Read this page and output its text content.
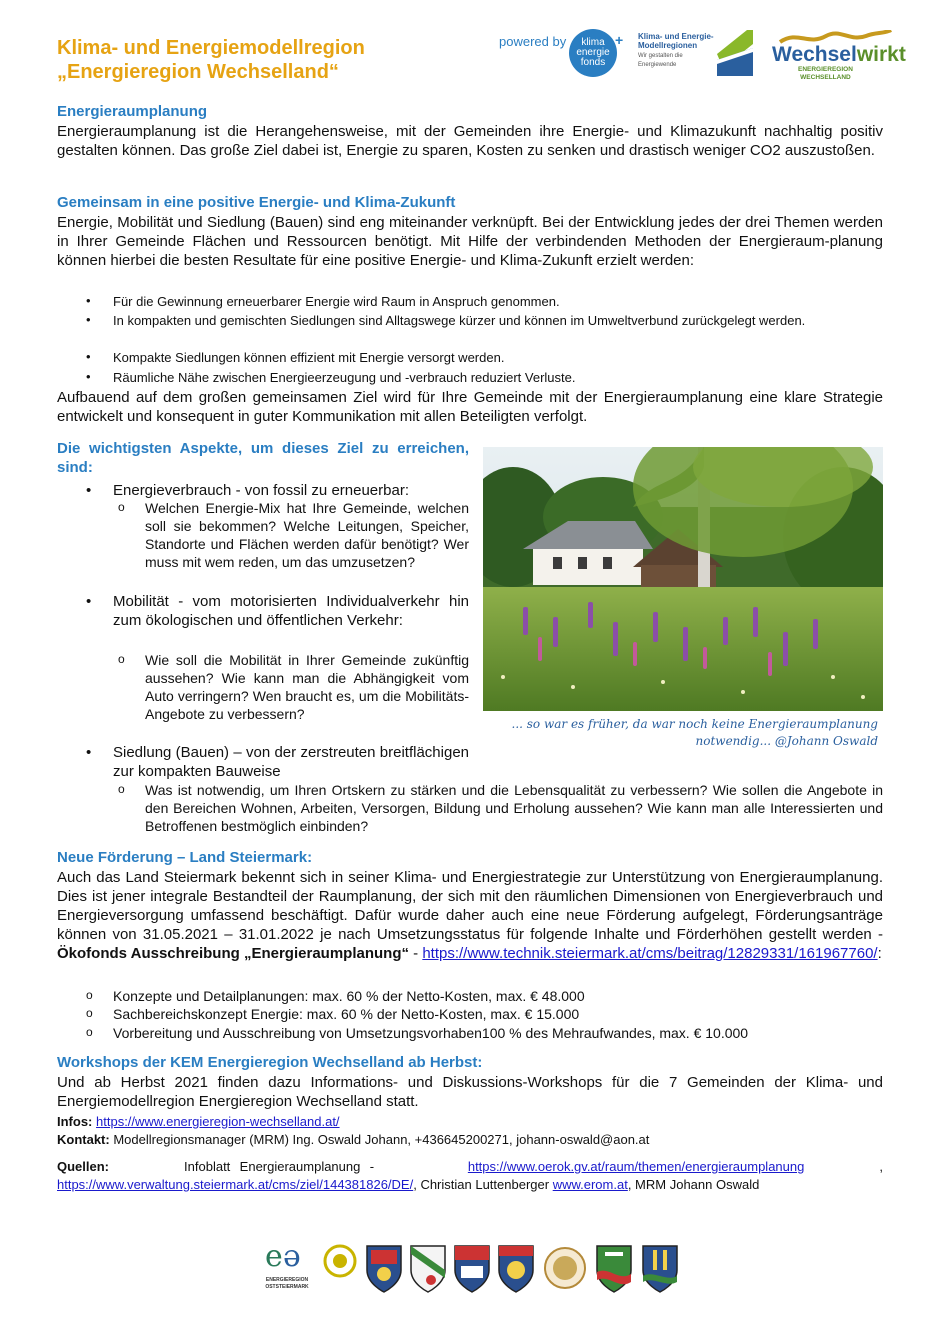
Klima- und Energiemodellregion
„Energieregion Wechselland“
powered by	klima
energie
fonds
+ Klima- und Energie-Modellregionen
Wir gestalten die Energiewende	Wechselwirkt
ENERGIEREGION
WECHSELLAND
Energieraumplanung
Energieraumplanung ist die Herangehensweise, mit der Gemeinden ihre Energie- und Klimazukunft nachhaltig positiv gestalten können. Das große Ziel dabei ist, Energie zu sparen, Kosten zu senken und drastisch weniger CO2 auszustoßen.
Gemeinsam in eine positive Energie- und Klima-Zukunft
Energie, Mobilität und Siedlung (Bauen) sind eng miteinander verknüpft. Bei der Entwicklung jedes der drei Themen werden in Ihrer Gemeinde Flächen und Ressourcen benötigt. Mit Hilfe der verbindenden Methoden der Energieraum-planung können hierbei die besten Resultate für eine positive Energie- und Klima-Zukunft erzielt werden:
• Für die Gewinnung erneuerbarer Energie wird Raum in Anspruch genommen.
• In kompakten und gemischten Siedlungen sind Alltagswege kürzer und können im Umweltverbund zurückgelegt werden.
• Kompakte Siedlungen können effizient mit Energie versorgt werden.
• Räumliche Nähe zwischen Energieerzeugung und -verbrauch reduziert Verluste.
Aufbauend auf dem großen gemeinsamen Ziel wird für Ihre Gemeinde mit der Energieraumplanung eine klare Strategie entwickelt und konsequent in guter Kommunikation mit allen Beteiligten verfolgt.
Die wichtigsten Aspekte, um dieses Ziel zu erreichen, sind:
• Energieverbrauch - von fossil zu erneuerbar:
o Welchen Energie-Mix hat Ihre Gemeinde, welchen soll sie bekommen? Welche Leitungen, Speicher, Standorte und Flächen werden dafür benötigt? Wer muss mit wem reden, um das umzusetzen?
• Mobilität - vom motorisierten Individualverkehr hin zum ökologischen und öffentlichen Verkehr:
o Wie soll die Mobilität in Ihrer Gemeinde zukünftig aussehen? Wie kann man die Abhängigkeit vom Auto verringern? Wen braucht es, um die Mobilitäts-Angebote zu verbessern?
• Siedlung (Bauen) – von der zerstreuten breitflächigen zur kompakten Bauweise
o Was ist notwendig, um Ihren Ortskern zu stärken und die Lebensqualität zu verbessern? Wie sollen die Angebote in den Bereichen Wohnen, Arbeiten, Versorgen, Bildung und Erholung aussehen? Wie kann man alle Interessierten und Betroffenen bestmöglich einbinden?
... so war es früher, da war noch keine Energieraumplanung
notwendig... @Johann Oswald
Neue Förderung – Land Steiermark:
Auch das Land Steiermark bekennt sich in seiner Klima- und Energiestrategie zur Unterstützung von Energieraumplanung. Dies ist jener integrale Bestandteil der Raumplanung, der sich mit den räumlichen Dimensionen von Energieverbrauch und Energieversorgung umfassend beschäftigt. Dafür wurde daher auch eine neue Förderung aufgelegt, Förderungsanträge können von 31.05.2021 – 31.01.2022 je nach Umsetzungsstatus für folgende Inhalte und Förderhöhen gestellt werden - Ökofonds Ausschreibung „Energieraumplanung“ - https://www.technik.steiermark.at/cms/beitrag/12829331/161967760/:
o Konzepte und Detailplanungen: max. 60 % der Netto-Kosten, max. € 48.000
o Sachbereichskonzept Energie: max. 60 % der Netto-Kosten, max. € 15.000
o Vorbereitung und Ausschreibung von Umsetzungsvorhaben100 % des Mehraufwandes, max. € 10.000
Workshops der KEM Energieregion Wechselland ab Herbst:
Und ab Herbst 2021 finden dazu Informations- und Diskussions-Workshops für die 7 Gemeinden der Klima- und Energiemodellregion Energieregion Wechselland statt.
Infos: https://www.energieregion-wechselland.at/
Kontakt: Modellregionsmanager (MRM) Ing. Oswald Johann, +436645200271, johann-oswald@aon.at
Quellen:	Infoblatt Energieraumplanung -	https://www.oerok.gv.at/raum/themen/energieraumplanung	, https://www.verwaltung.steiermark.at/cms/ziel/144381826/DE/, Christian Luttenberger www.erom.at, MRM Johann Oswald
e ə
ENERGIEREGION
OSTSTEIERMARK
